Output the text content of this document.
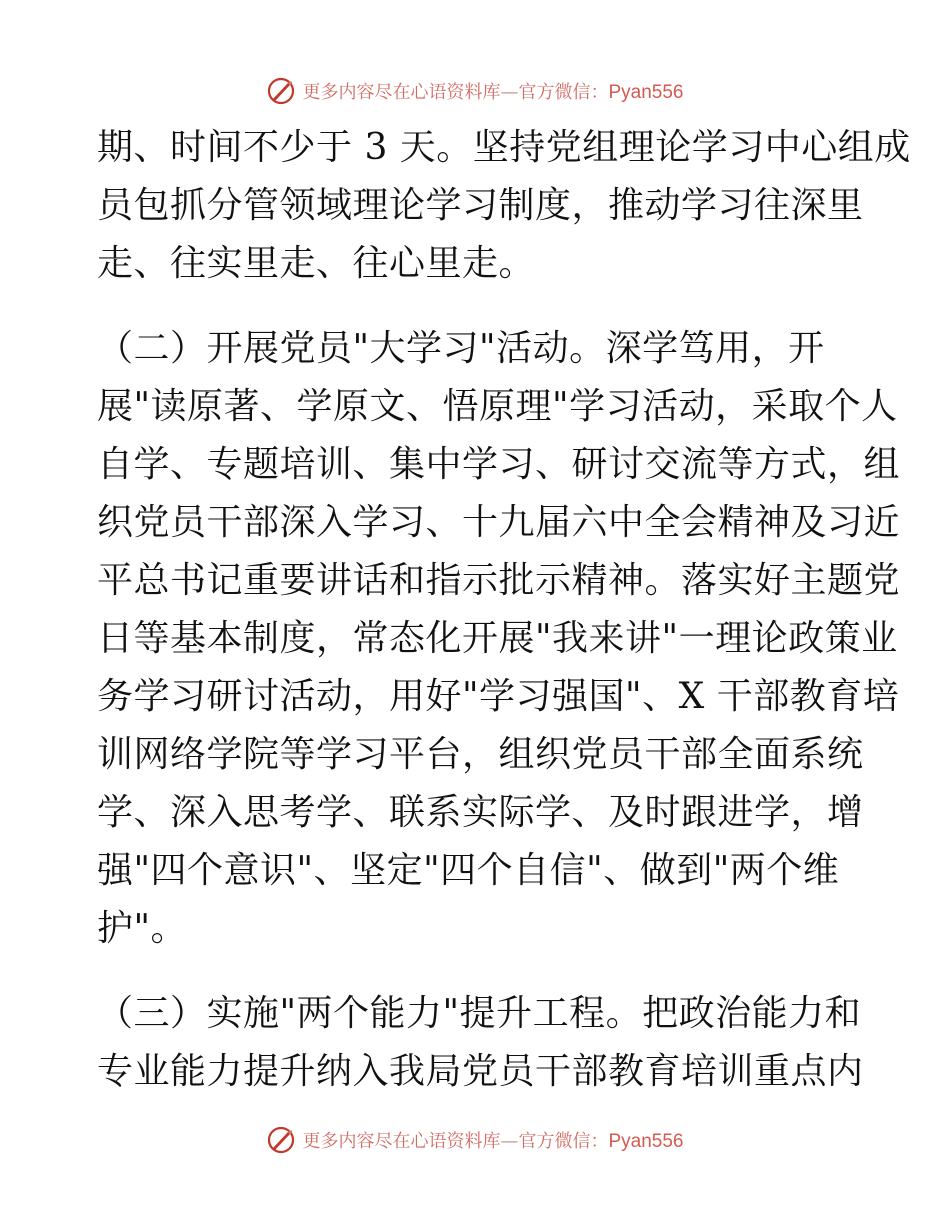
更多内容尽在心语资料库—官方微信：Pyan556
期、时间不少于 3 天。坚持党组理论学习中心组成
员包抓分管领域理论学习制度，推动学习往深里
走、往实里走、往心里走。
（二）开展党员"大学习"活动。深学笃用，开
展"读原著、学原文、悟原理"学习活动，采取个人
自学、专题培训、集中学习、研讨交流等方式，组
织党员干部深入学习、十九届六中全会精神及习近
平总书记重要讲话和指示批示精神。落实好主题党
日等基本制度，常态化开展"我来讲"一理论政策业
务学习研讨活动，用好"学习强国"、X 干部教育培
训网络学院等学习平台，组织党员干部全面系统
学、深入思考学、联系实际学、及时跟进学，增
强"四个意识"、坚定"四个自信"、做到"两个维
护"。
（三）实施"两个能力"提升工程。把政治能力和
专业能力提升纳入我局党员干部教育培训重点内
更多内容尽在心语资料库—官方微信：Pyan556
